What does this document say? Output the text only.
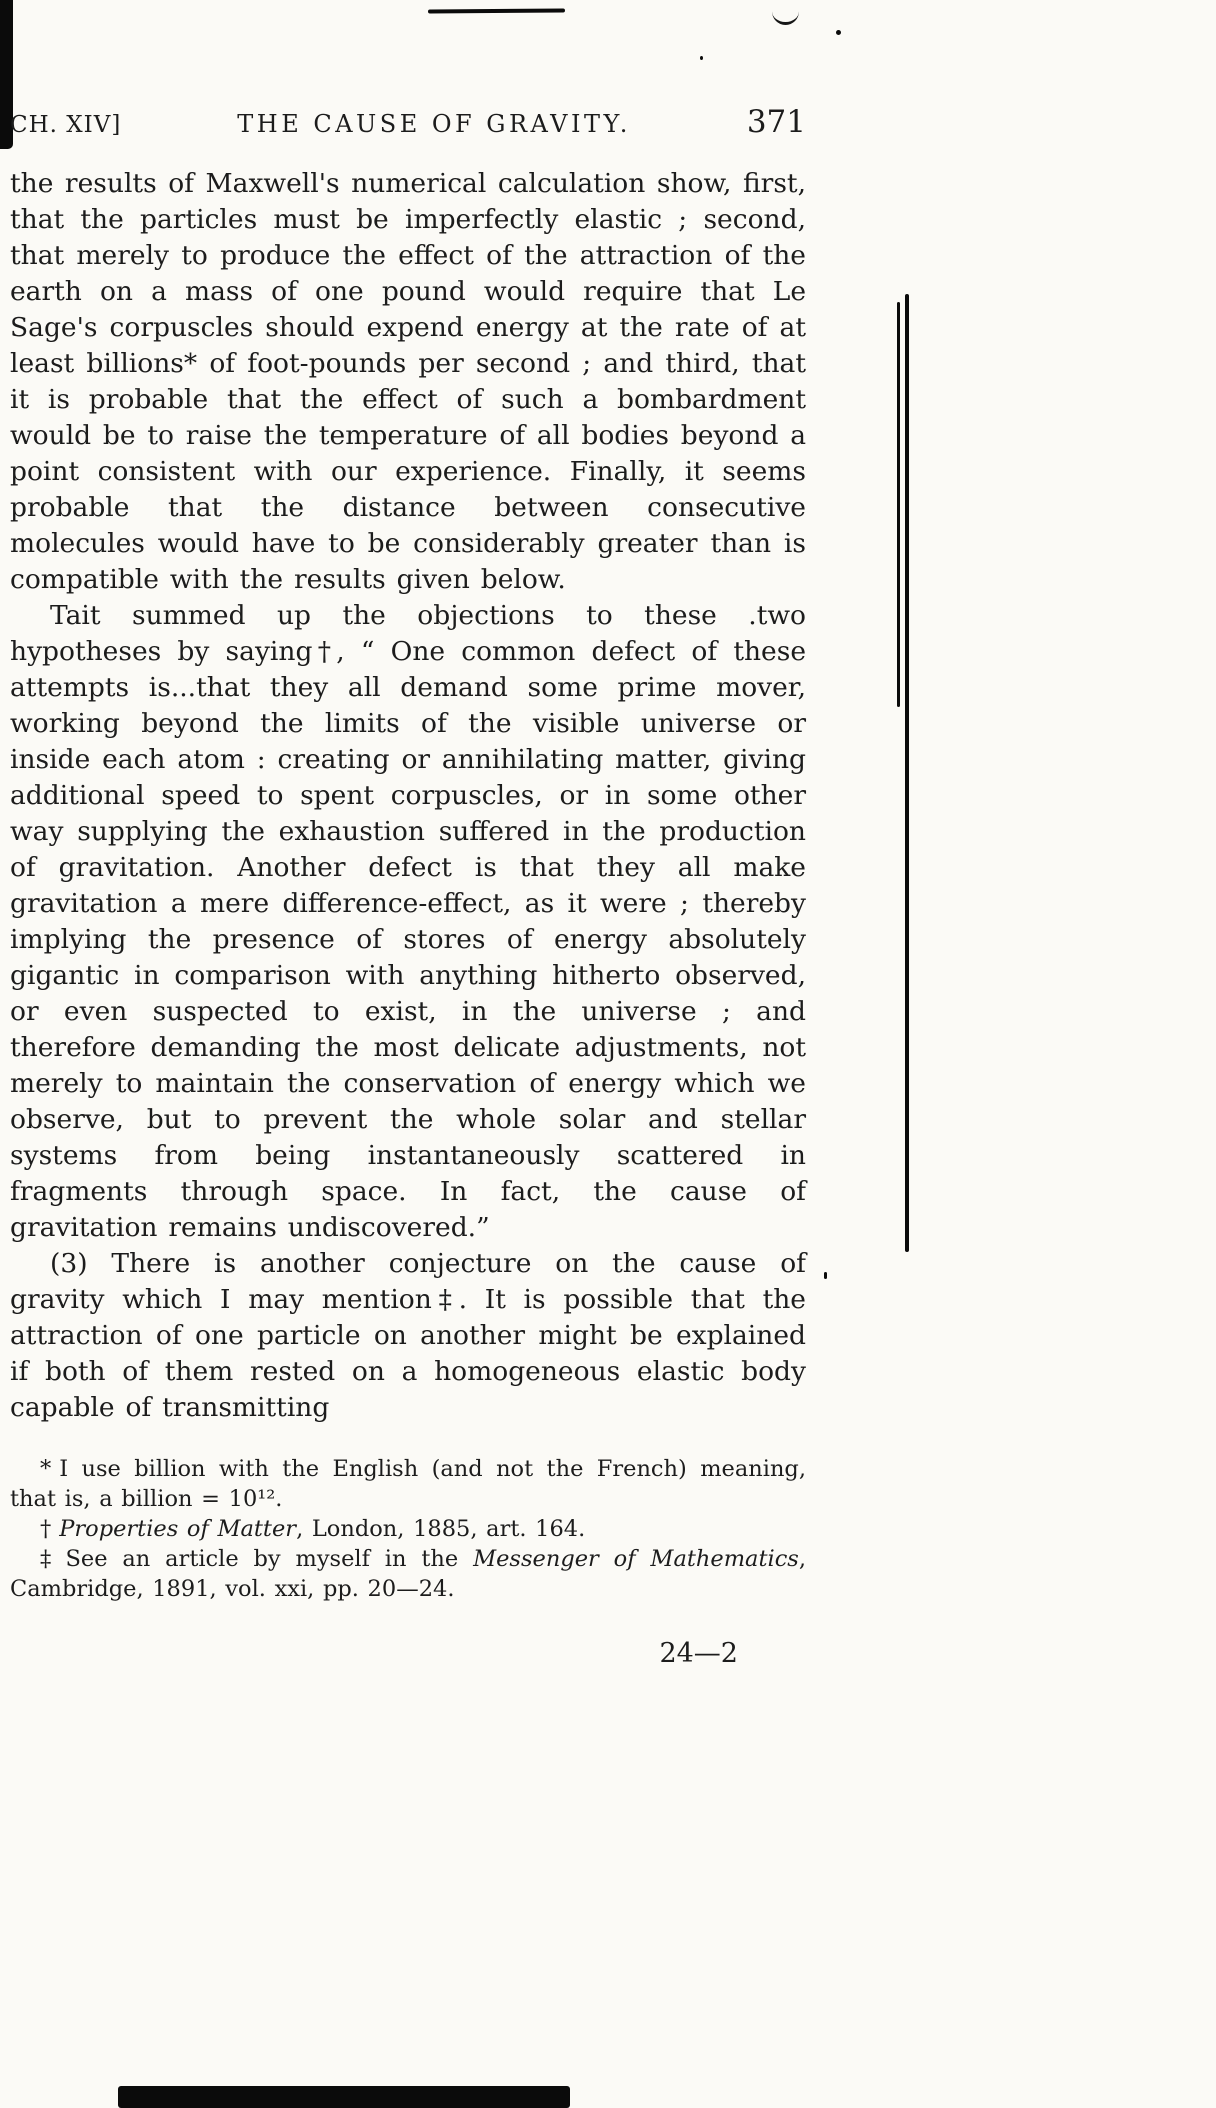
CH. XIV]	THE CAUSE OF GRAVITY.	371

the results of Maxwell's numerical calculation show, first, that the particles must be imperfectly elastic ; second, that merely to produce the effect of the attraction of the earth on a mass of one pound would require that Le Sage's corpuscles should expend energy at the rate of at least billions* of foot-pounds per second ; and third, that it is probable that the effect of such a bombardment would be to raise the temperature of all bodies beyond a point consistent with our experience. Finally, it seems probable that the distance between consecutive molecules would have to be considerably greater than is compatible with the results given below.

Tait summed up the objections to these .two hypotheses by saying†, “ One common defect of these attempts is...that they all demand some prime mover, working beyond the limits of the visible universe or inside each atom : creating or annihilating matter, giving additional speed to spent corpuscles, or in some other way supplying the exhaustion suffered in the production of gravitation. Another defect is that they all make gravitation a mere difference-effect, as it were ; thereby implying the presence of stores of energy absolutely gigantic in comparison with anything hitherto observed, or even suspected to exist, in the universe ; and therefore demanding the most delicate adjustments, not merely to maintain the conservation of energy which we observe, but to prevent the whole solar and stellar systems from being instantaneously scattered in fragments through space. In fact, the cause of gravitation remains undiscovered.”

(3) There is another conjecture on the cause of gravity which I may mention‡. It is possible that the attraction of one particle on another might be explained if both of them rested on a homogeneous elastic body capable of transmitting

* I use billion with the English (and not the French) meaning, that is, a billion = 10¹².

† Properties of Matter, London, 1885, art. 164.

‡ See an article by myself in the Messenger of Mathematics, Cambridge, 1891, vol. xxi, pp. 20—24.

24—2
